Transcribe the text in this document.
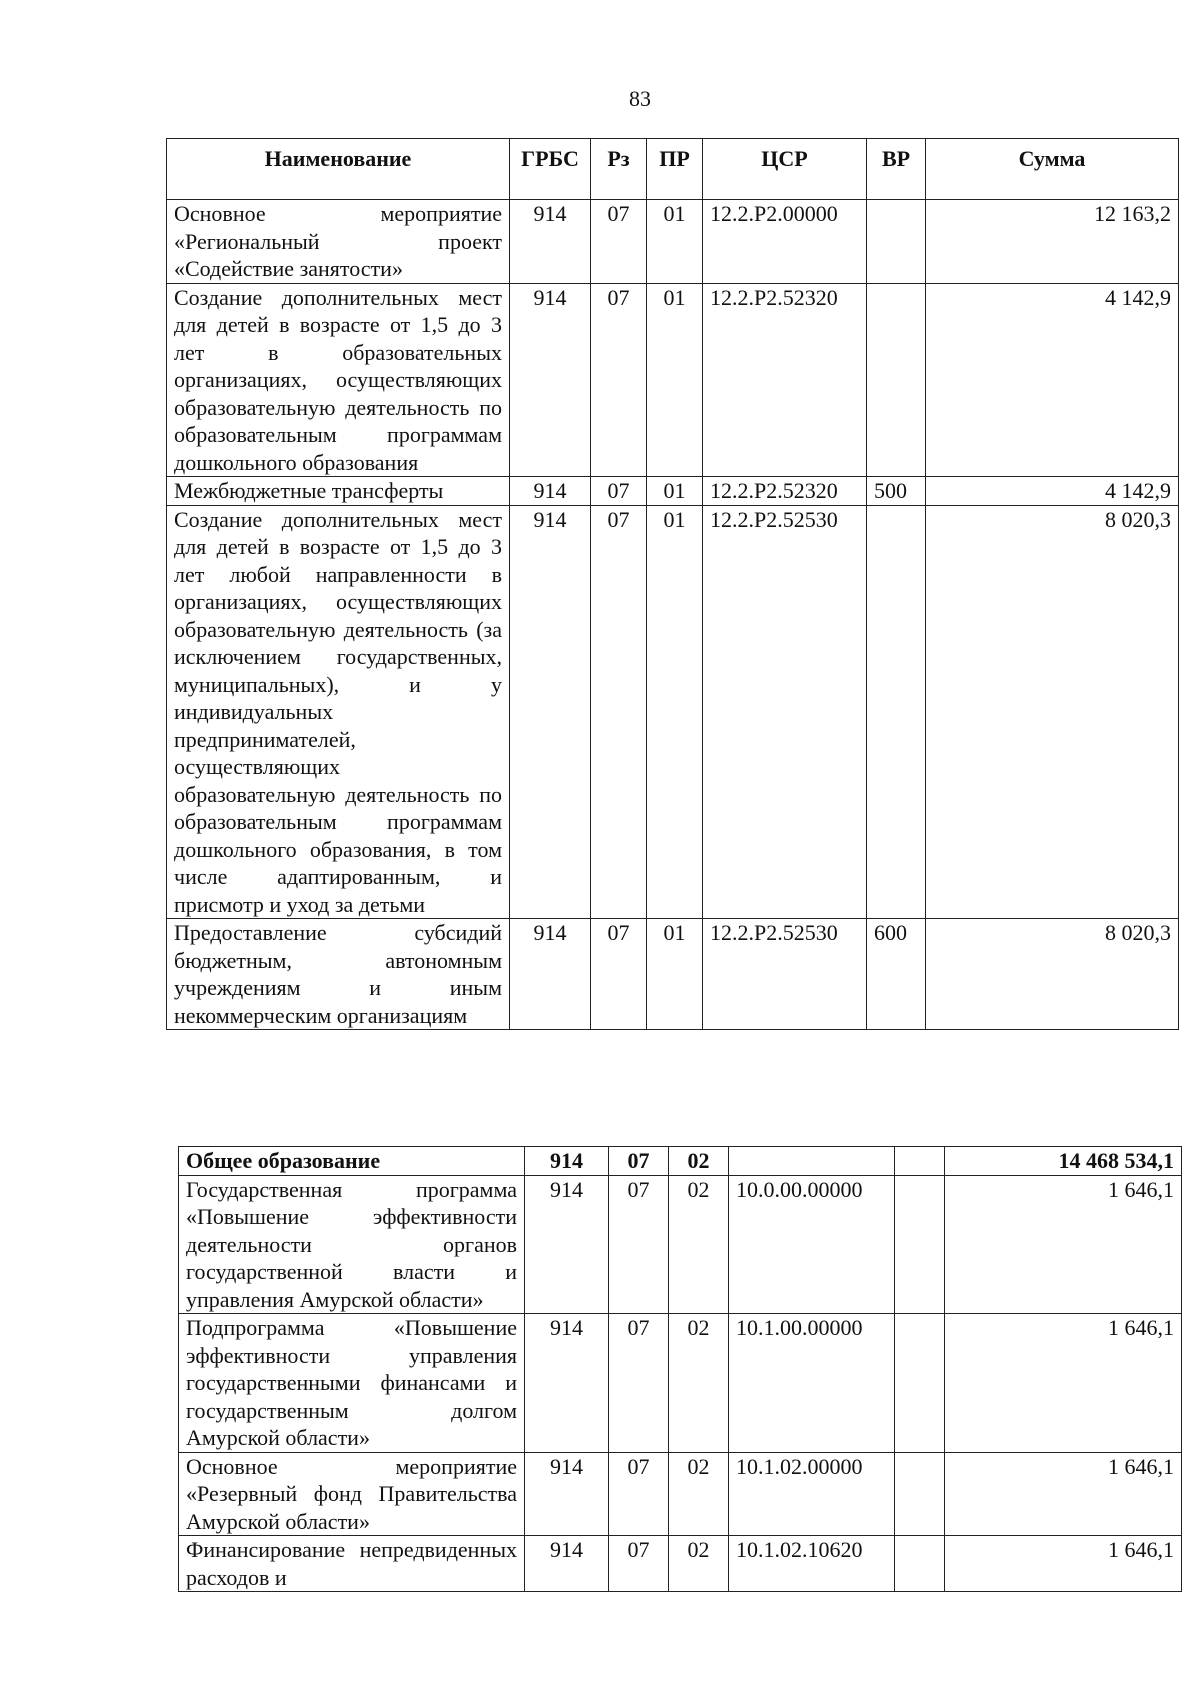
83
Наименование	ГРБС	Рз	ПР	ЦСР	ВР	Сумма
Основное мероприятие «Региональный проект «Содействие занятости»	914	07	01	12.2.P2.00000		12 163,2
Создание дополнительных мест для детей в возрасте от 1,5 до 3 лет в образовательных организациях, осуществляющих образовательную деятельность по образовательным программам дошкольного образования	914	07	01	12.2.P2.52320		4 142,9
Межбюджетные трансферты	914	07	01	12.2.P2.52320	500	4 142,9
Создание дополнительных мест для детей в возрасте от 1,5 до 3 лет любой направленности в организациях, осуществляющих образовательную деятельность (за исключением государственных, муниципальных), и у индивидуальных предпринимателей, осуществляющих образовательную деятельность по образовательным программам дошкольного образования, в том числе адаптированным, и присмотр и уход за детьми	914	07	01	12.2.P2.52530		8 020,3
Предоставление субсидий бюджетным, автономным учреждениям и иным некоммерческим организациям	914	07	01	12.2.P2.52530	600	8 020,3
Общее образование	914	07	02			14 468 534,1
Государственная программа «Повышение эффективности деятельности органов государственной власти и управления Амурской области»	914	07	02	10.0.00.00000		1 646,1
Подпрограмма «Повышение эффективности управления государственными финансами и государственным долгом Амурской области»	914	07	02	10.1.00.00000		1 646,1
Основное мероприятие «Резервный фонд Правительства Амурской области»	914	07	02	10.1.02.00000		1 646,1
Финансирование непредвиденных расходов и	914	07	02	10.1.02.10620		1 646,1
